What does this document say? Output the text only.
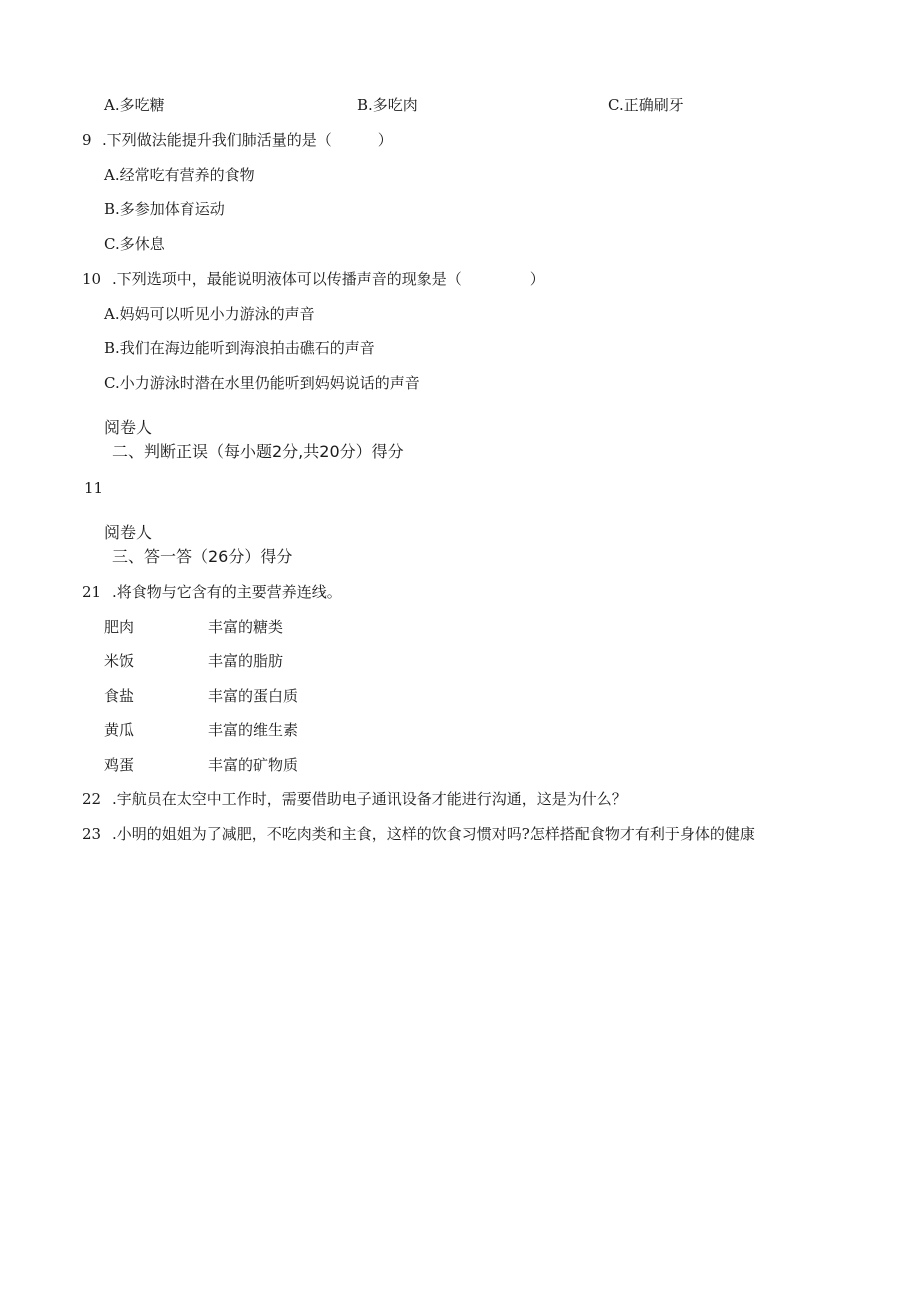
A.多吃糖	B.多吃肉	C.正确刷牙
9 .下列做法能提升我们肺活量的是（	）
A.经常吃有营养的食物
B.多参加体育运动
C.多休息
10 .下列选项中，最能说明液体可以传播声音的现象是（	）
A.妈妈可以听见小力游泳的声音
B.我们在海边能听到海浪拍击礁石的声音
C.小力游泳时潜在水里仍能听到妈妈说话的声音
阅卷人
二、判断正误（每小题2分,共20分）得分
11
阅卷人
三、答一答（26分）得分
21 .将食物与它含有的主要营养连线。
肥肉	丰富的糖类
米饭	丰富的脂肪
食盐	丰富的蛋白质
黄瓜	丰富的维生素
鸡蛋	丰富的矿物质
22 .宇航员在太空中工作时，需要借助电子通讯设备才能进行沟通，这是为什么？
23 .小明的姐姐为了减肥，不吃肉类和主食，这样的饮食习惯对吗?怎样搭配食物才有利于身体的健康
